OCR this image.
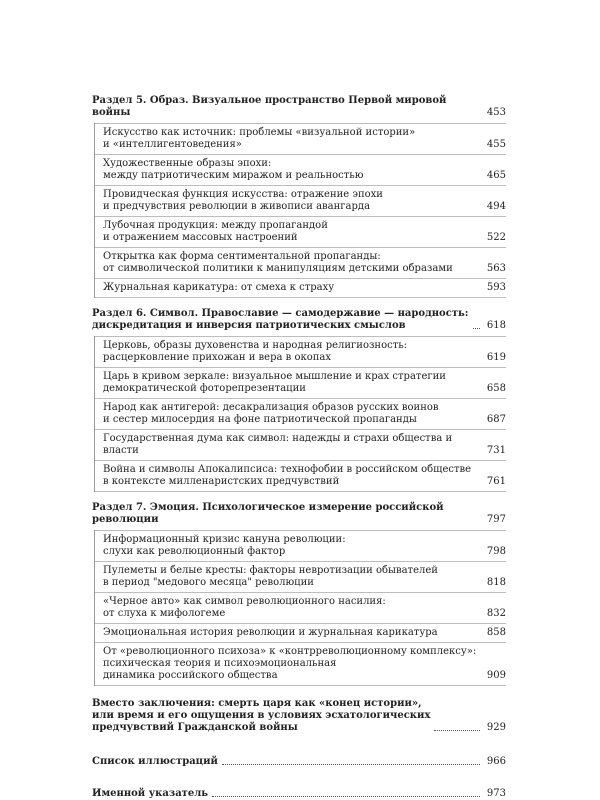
Раздел 5. Образ. Визуальное пространство Первой мировой войны	453
Искусство как источник: проблемы «визуальной истории»
и «интеллигентоведения»	455
Художественные образы эпохи:
между патриотическим миражом и реальностью	465
Провидческая функция искусства: отражение эпохи
и предчувствия революции в живописи авангарда	494
Лубочная продукция: между пропагандой
и отражением массовых настроений	522
Открытка как форма сентиментальной пропаганды:
от символической политики к манипуляциям детскими образами	563
Журнальная карикатура: от смеха к страху	593
Раздел 6. Символ. Православие — самодержавие — народность:
дискредитация и инверсия патриотических смыслов	618
Церковь, образы духовенства и народная религиозность:
расцерковление прихожан и вера в окопах	619
Царь в кривом зеркале: визуальное мышление и крах стратегии
демократической фоторепрезентации	658
Народ как антигерой: десакрализация образов русских воинов
и сестер милосердия на фоне патриотической пропаганды	687
Государственная дума как символ: надежды и страхи общества и власти	731
Война и символы Апокалипсиса: технофобии в российском обществе
в контексте милленаристских предчувствий	761
Раздел 7. Эмоция. Психологическое измерение российской революции	797
Информационный кризис кануна революции:
слухи как революционный фактор	798
Пулеметы и белые кресты: факторы невротизации обывателей
в период "медового месяца" революции	818
«Черное авто» как символ революционного насилия:
от слуха к мифологеме	832
Эмоциональная история революции и журнальная карикатура	858
От «революционного психоза» к «контрреволюционному комплексу»:
психическая теория и психоэмоциональная
динамика российского общества	909
Вместо заключения: смерть царя как «конец истории»,
или время и его ощущения в условиях эсхатологических
предчувствий Гражданской войны	929
Список иллюстраций	966
Именной указатель	973
